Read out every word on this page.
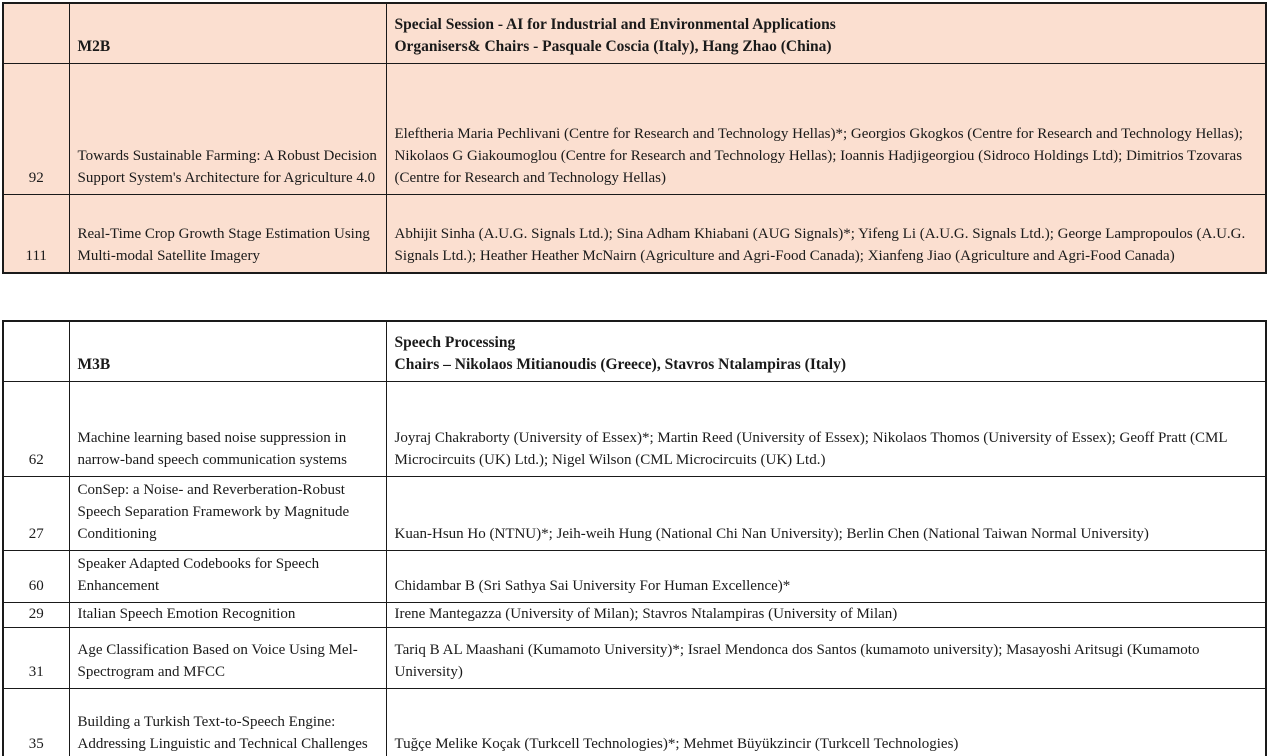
	M2B	Special Session - AI for Industrial and Environmental Applications
Organisers& Chairs - Pasquale Coscia (Italy), Hang Zhao (China)

92	Towards Sustainable Farming: A Robust Decision Support System's Architecture for Agriculture 4.0	Eleftheria Maria Pechlivani (Centre for Research and Technology Hellas)*; Georgios Gkogkos (Centre for Research and Technology Hellas); Nikolaos G Giakoumoglou (Centre for Research and Technology Hellas); Ioannis Hadjigeorgiou (Sidroco Holdings Ltd); Dimitrios Tzovaras (Centre for Research and Technology Hellas)
111	Real-Time Crop Growth Stage Estimation Using Multi-modal Satellite Imagery	Abhijit Sinha (A.U.G. Signals Ltd.); Sina Adham Khiabani (AUG Signals)*; Yifeng Li (A.U.G. Signals Ltd.); George Lampropoulos (A.U.G. Signals Ltd.); Heather Heather McNairn (Agriculture and Agri-Food Canada); Xianfeng Jiao (Agriculture and Agri-Food Canada)
	M3B	Speech Processing
Chairs – Nikolaos Mitianoudis (Greece), Stavros Ntalampiras (Italy)

62	Machine learning based noise suppression in narrow-band speech communication systems	Joyraj Chakraborty (University of Essex)*; Martin Reed (University of Essex); Nikolaos Thomos (University of Essex); Geoff Pratt (CML Microcircuits (UK) Ltd.); Nigel Wilson (CML Microcircuits (UK) Ltd.)
27	ConSep: a Noise- and Reverberation-Robust Speech Separation Framework by Magnitude Conditioning	Kuan-Hsun Ho (NTNU)*; Jeih-weih Hung (National Chi Nan University); Berlin Chen (National Taiwan Normal University)
60	Speaker Adapted Codebooks for Speech Enhancement	Chidambar B (Sri Sathya Sai University For Human Excellence)*
29	Italian Speech Emotion Recognition	Irene Mantegazza (University of Milan); Stavros Ntalampiras (University of Milan)
31	Age Classification Based on Voice Using Mel-Spectrogram and MFCC	Tariq B AL Maashani (Kumamoto University)*; Israel Mendonca dos Santos (kumamoto university); Masayoshi Aritsugi (Kumamoto University)
35	Building a Turkish Text-to-Speech Engine: Addressing Linguistic and Technical Challenges	Tuğçe Melike Koçak (Turkcell Technologies)*; Mehmet Büyükzincir (Turkcell Technologies)
